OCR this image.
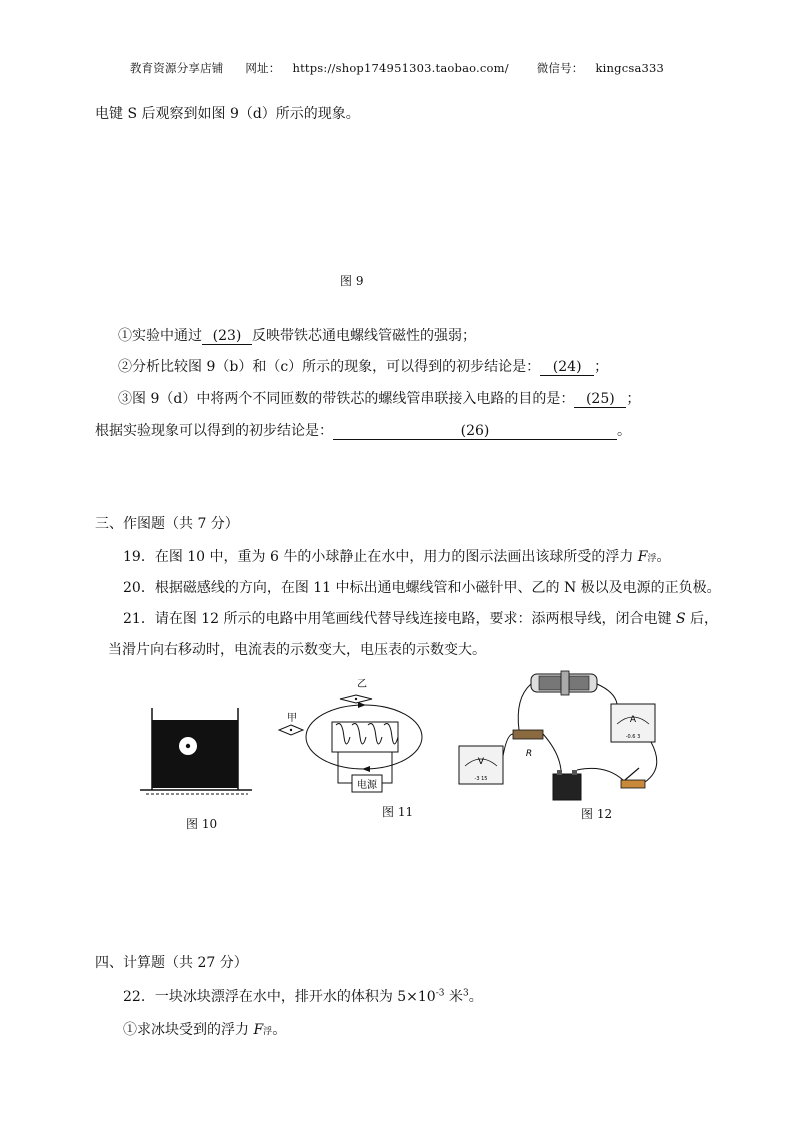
教育资源分享店铺 网址： https://shop174951303.taobao.com/ 微信号： kingcsa333
电键 S 后观察到如图 9（d）所示的现象。
图 9
①实验中通过 (23) 反映带铁芯通电螺线管磁性的强弱；
②分析比较图 9（b）和（c）所示的现象，可以得到的初步结论是： (24) ；
③图 9（d）中将两个不同匝数的带铁芯的螺线管串联接入电路的目的是： (25) ；
根据实验现象可以得到的初步结论是：	(26)	。
三、作图题（共 7 分）
19．在图 10 中，重为 6 牛的小球静止在水中，用力的图示法画出该球所受的浮力 F浮。
20．根据磁感线的方向，在图 11 中标出通电螺线管和小磁针甲、乙的 N 极以及电源的正负极。
21．请在图 12 所示的电路中用笔画线代替导线连接电路，要求：添两根导线，闭合电键 S 后，
当滑片向右移动时，电流表的示数变大，电压表的示数变大。
图 10
电源
乙
甲
图 11
A
-0.6 3
V
-3 15
R
图 12
四、计算题（共 27 分）
22．一块冰块漂浮在水中，排开水的体积为 $5\times 10^{-3}$ 米$^3$。
①求冰块受到的浮力 F浮。
